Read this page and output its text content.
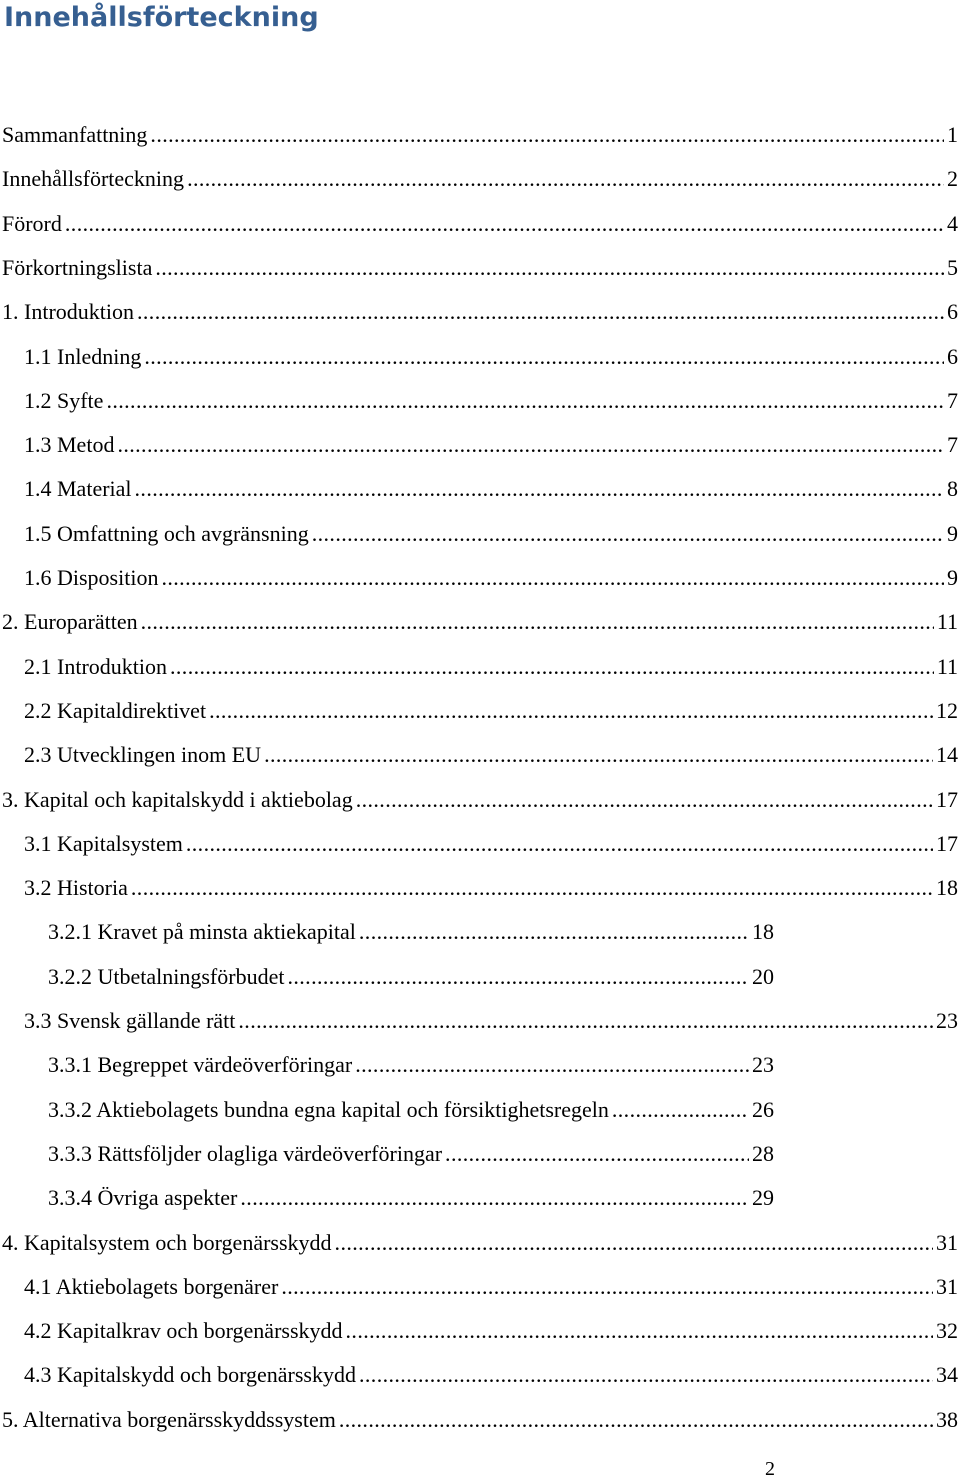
Innehållsförteckning
Sammanfattning .....	1
Innehållsförteckning .....	2
Förord .....	4
Förkortningslista .....	5
1. Introduktion .....	6
1.1 Inledning .....	6
1.2 Syfte .....	7
1.3 Metod .....	7
1.4 Material .....	8
1.5 Omfattning och avgränsning .....	9
1.6 Disposition .....	9
2. Europarätten .....	11
2.1 Introduktion .....	11
2.2 Kapitaldirektivet .....	12
2.3 Utvecklingen inom EU .....	14
3. Kapital och kapitalskydd i aktiebolag .....	17
3.1 Kapitalsystem .....	17
3.2 Historia .....	18
3.2.1 Kravet på minsta aktiekapital .....	18
3.2.2 Utbetalningsförbudet .....	20
3.3 Svensk gällande rätt .....	23
3.3.1 Begreppet värdeöverföringar .....	23
3.3.2 Aktiebolagets bundna egna kapital och försiktighetsregeln .....	26
3.3.3 Rättsföljder olagliga värdeöverföringar .....	28
3.3.4 Övriga aspekter .....	29
4. Kapitalsystem och borgenärsskydd .....	31
4.1 Aktiebolagets borgenärer .....	31
4.2 Kapitalkrav och borgenärsskydd .....	32
4.3 Kapitalskydd och borgenärsskydd .....	34
5. Alternativa borgenärsskyddssystem .....	38
2
